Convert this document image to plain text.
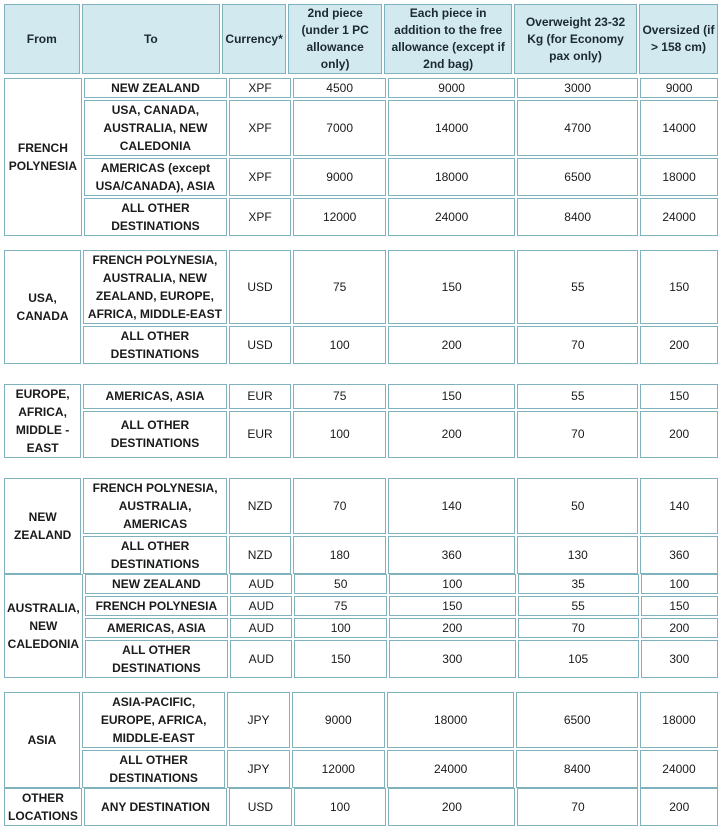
From	To	Currency*	2nd piece (under 1 PC allowance only)	Each piece in addition to the free allowance (except if 2nd bag)	Overweight 23-32 Kg (for Economy pax only)	Oversized (if > 158 cm)
FRENCH POLYNESIA	NEW ZEALAND	XPF	4500	9000	3000	9000
	USA, CANADA, AUSTRALIA, NEW CALEDONIA	XPF	7000	14000	4700	14000
	AMERICAS (except USA/CANADA), ASIA	XPF	9000	18000	6500	18000
	ALL OTHER DESTINATIONS	XPF	12000	24000	8400	24000
USA, CANADA	FRENCH POLYNESIA, AUSTRALIA, NEW ZEALAND, EUROPE, AFRICA, MIDDLE-EAST	USD	75	150	55	150
	ALL OTHER DESTINATIONS	USD	100	200	70	200
EUROPE, AFRICA, MIDDLE -EAST	AMERICAS, ASIA	EUR	75	150	55	150
	ALL OTHER DESTINATIONS	EUR	100	200	70	200
NEW ZEALAND	FRENCH POLYNESIA, AUSTRALIA, AMERICAS	NZD	70	140	50	140
	ALL OTHER DESTINATIONS	NZD	180	360	130	360
AUSTRALIA, NEW CALEDONIA	NEW ZEALAND	AUD	50	100	35	100
	FRENCH POLYNESIA	AUD	75	150	55	150
	AMERICAS, ASIA	AUD	100	200	70	200
	ALL OTHER DESTINATIONS	AUD	150	300	105	300
ASIA	ASIA-PACIFIC, EUROPE, AFRICA, MIDDLE-EAST	JPY	9000	18000	6500	18000
	ALL OTHER DESTINATIONS	JPY	12000	24000	8400	24000
OTHER LOCATIONS	ANY DESTINATION	USD	100	200	70	200
